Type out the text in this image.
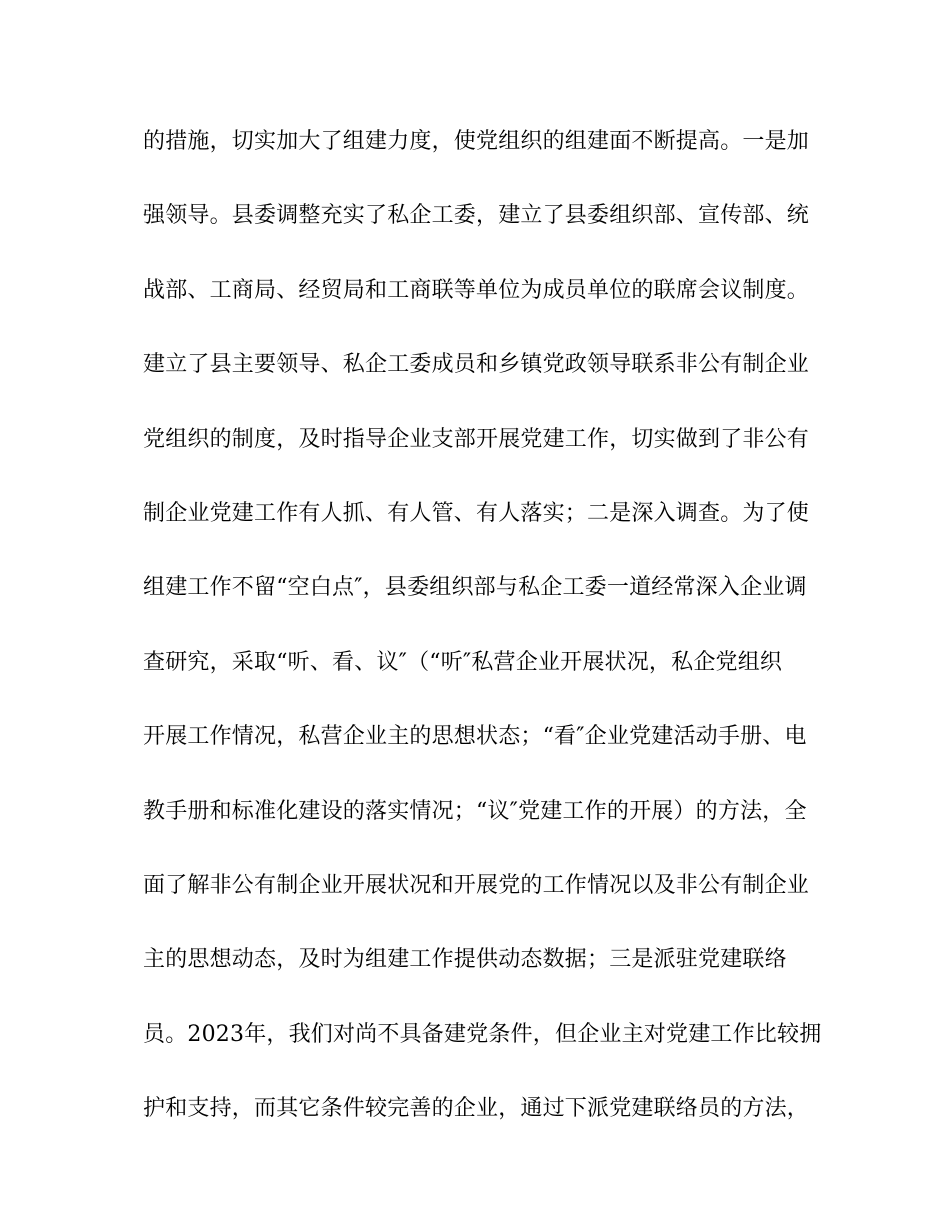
的措施，切实加大了组建力度，使党组织的组建面不断提高。一是加
强领导。县委调整充实了私企工委，建立了县委组织部、宣传部、统
战部、工商局、经贸局和工商联等单位为成员单位的联席会议制度。
建立了县主要领导、私企工委成员和乡镇党政领导联系非公有制企业
党组织的制度，及时指导企业支部开展党建工作，切实做到了非公有
制企业党建工作有人抓、有人管、有人落实；二是深入调查。为了使
组建工作不留“空白点″，县委组织部与私企工委一道经常深入企业调
查研究，采取“听、看、议″（“听″私营企业开展状况，私企党组织
开展工作情况，私营企业主的思想状态；“看″企业党建活动手册、电
教手册和标准化建设的落实情况；“议″党建工作的开展）的方法，全
面了解非公有制企业开展状况和开展党的工作情况以及非公有制企业
主的思想动态，及时为组建工作提供动态数据；三是派驻党建联络
员。2023年，我们对尚不具备建党条件，但企业主对党建工作比较拥
护和支持，而其它条件较完善的企业，通过下派党建联络员的方法，
